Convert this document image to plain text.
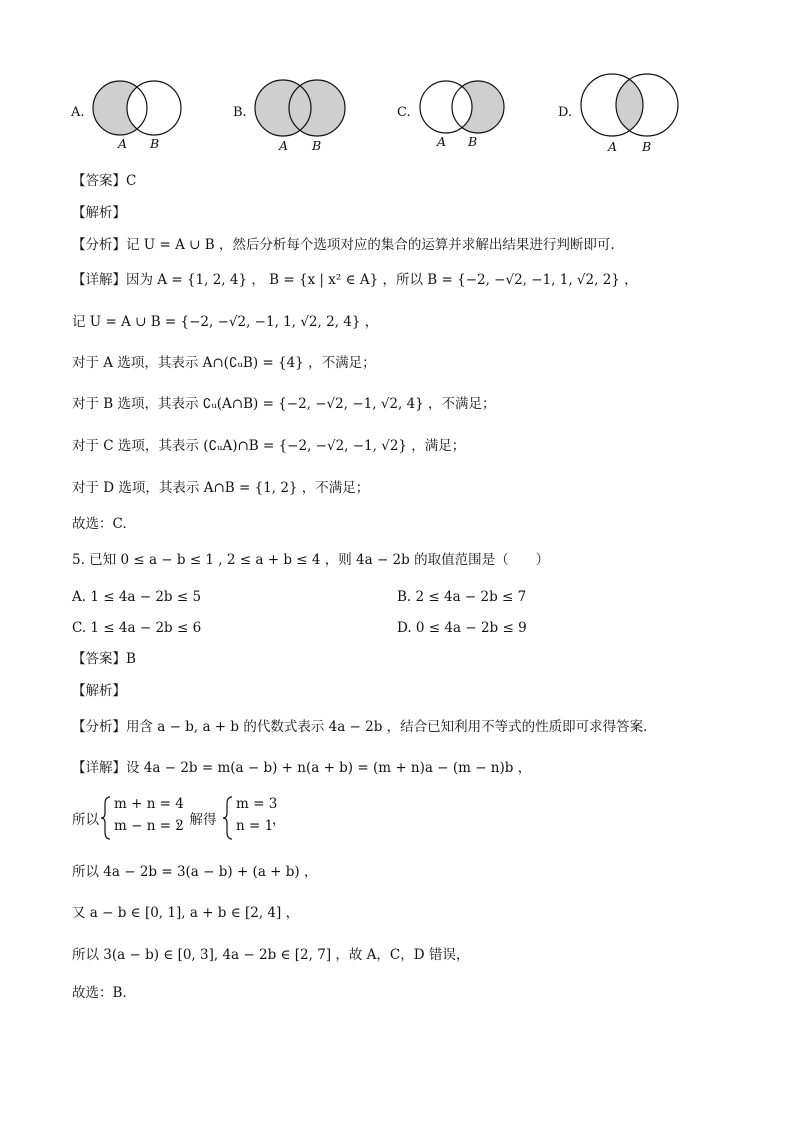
A.
A B
B.
A B
C.
A B
D.
A B
【答案】C
【解析】
【分析】记 U = A ∪ B ，然后分析每个选项对应的集合的运算并求解出结果进行判断即可.
【详解】因为 A = {1, 2, 4} ， B = {x | x² ∈ A} ，所以 B = {−2, −√2, −1, 1, √2, 2} ，
记 U = A ∪ B = {−2, −√2, −1, 1, √2, 2, 4} ，
对于 A 选项，其表示 A∩(∁ᵤB) = {4} ，不满足；
对于 B 选项，其表示 ∁ᵤ(A∩B) = {−2, −√2, −1, √2, 4} ，不满足；
对于 C 选项，其表示 (∁ᵤA)∩B = {−2, −√2, −1, √2} ，满足；
对于 D 选项，其表示 A∩B = {1, 2} ，不满足；
故选：C.
5. 已知 0 ≤ a − b ≤ 1 , 2 ≤ a + b ≤ 4 ，则 4a − 2b 的取值范围是（　　）
A. 1 ≤ 4a − 2b ≤ 5	B. 2 ≤ 4a − 2b ≤ 7
C. 1 ≤ 4a − 2b ≤ 6	D. 0 ≤ 4a − 2b ≤ 9
【答案】B
【解析】
【分析】用含 a − b, a + b 的代数式表示 4a − 2b ，结合已知利用不等式的性质即可求得答案.
【详解】设 4a − 2b = m(a − b) + n(a + b) = (m + n)a − (m − n)b ，
所以
m + n = 4
m − n = 2
，解得
m = 3
n = 1
，
所以 4a − 2b = 3(a − b) + (a + b) ，
又 a − b ∈ [0, 1], a + b ∈ [2, 4] ，
所以 3(a − b) ∈ [0, 3], 4a − 2b ∈ [2, 7] ，故 A，C，D 错误，
故选：B.
